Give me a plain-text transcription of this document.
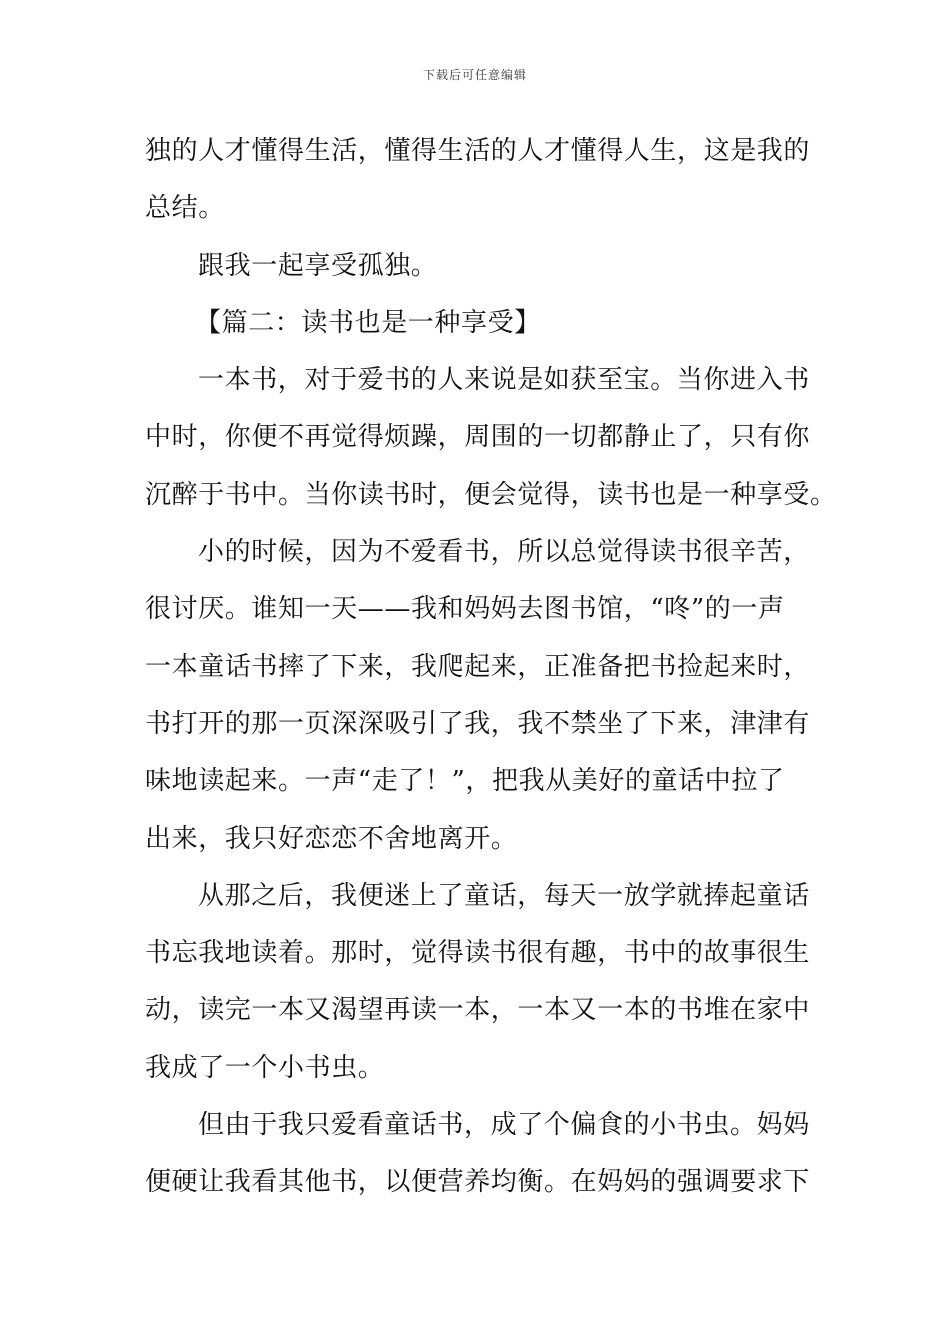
下载后可任意编辑
独的人才懂得生活，懂得生活的人才懂得人生，这是我的
总结。
跟我一起享受孤独。
【篇二：读书也是一种享受】
一本书，对于爱书的人来说是如获至宝。当你进入书
中时，你便不再觉得烦躁，周围的一切都静止了，只有你
沉醉于书中。当你读书时，便会觉得，读书也是一种享受。
小的时候，因为不爱看书，所以总觉得读书很辛苦，
很讨厌。谁知一天——我和妈妈去图书馆，“咚”的一声
一本童话书摔了下来，我爬起来，正准备把书捡起来时，
书打开的那一页深深吸引了我，我不禁坐了下来，津津有
味地读起来。一声“走了！”，把我从美好的童话中拉了
出来，我只好恋恋不舍地离开。
从那之后，我便迷上了童话，每天一放学就捧起童话
书忘我地读着。那时，觉得读书很有趣，书中的故事很生
动，读完一本又渴望再读一本，一本又一本的书堆在家中
我成了一个小书虫。
但由于我只爱看童话书，成了个偏食的小书虫。妈妈
便硬让我看其他书，以便营养均衡。在妈妈的强调要求下
